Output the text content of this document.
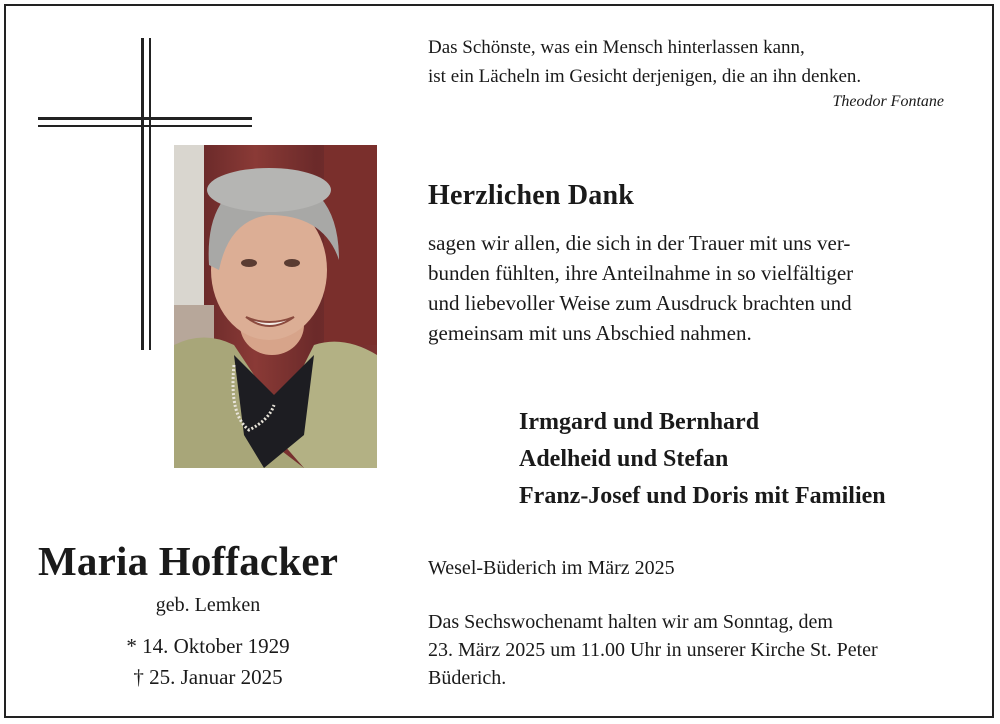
Das Schönste, was ein Mensch hinterlassen kann,
ist ein Lächeln im Gesicht derjenigen, die an ihn denken.
Theodor Fontane
Herzlichen Dank
sagen wir allen, die sich in der Trauer mit uns ver-
bunden fühlten, ihre Anteilnahme in so vielfältiger
und liebevoller Weise zum Ausdruck brachten und
gemeinsam mit uns Abschied nahmen.
Irmgard und Bernhard
Adelheid und Stefan
Franz-Josef und Doris mit Familien
Maria Hoffacker
geb. Lemken
* 14. Oktober 1929
† 25. Januar 2025
Wesel-Büderich im März 2025
Das Sechswochenamt halten wir am Sonntag, dem
23. März 2025 um 11.00 Uhr in unserer Kirche St. Peter
Büderich.
